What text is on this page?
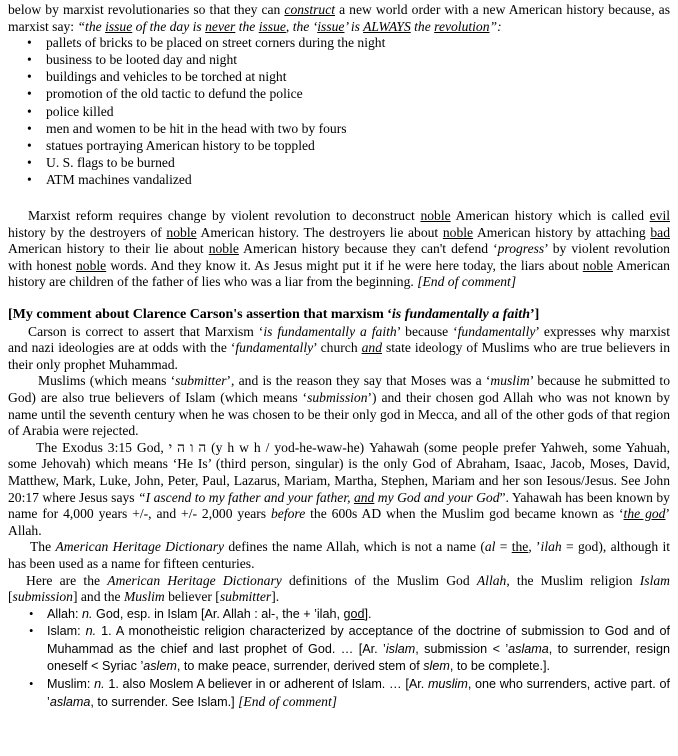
below by marxist revolutionaries so that they can construct a new world order with a new American history because, as marxist say: “the issue of the day is never the issue, the ‘issue’ is ALWAYS the revolution”:

• pallets of bricks to be placed on street corners during the night
• business to be looted day and night
• buildings and vehicles to be torched at night
• promotion of the old tactic to defund the police
• police killed
• men and women to be hit in the head with two by fours
• statues portraying American history to be toppled
• U. S. flags to be burned
• ATM machines vandalized

Marxist reform requires change by violent revolution to deconstruct noble American history which is called evil history by the destroyers of noble American history. The destroyers lie about noble American history by attaching bad American history to their lie about noble American history because they can't defend ‘progress’ by violent revolution with honest noble words. And they know it. As Jesus might put it if he were here today, the liars about noble American history are children of the father of lies who was a liar from the beginning. [End of comment]

[My comment about Clarence Carson's assertion that marxism ‘is fundamentally a faith’]

Carson is correct to assert that Marxism ‘is fundamentally a faith’ because ‘fundamentally’ expresses why marxist and nazi ideologies are at odds with the ‘fundamentally’ church and state ideology of Muslims who are true believers in their only prophet Muhammad.

Muslims (which means ‘submitter’, and is the reason they say that Moses was a ‘muslim’ because he submitted to God) are also true believers of Islam (which means ‘submission’) and their chosen god Allah who was not known by name until the seventh century when he was chosen to be their only god in Mecca, and all of the other gods of that region of Arabia were rejected.

The Exodus 3:15 God, ה ו ה י (y h w h / yod-he-waw-he) Yahawah (some people prefer Yahweh, some Yahuah, some Jehovah) which means ‘He Is’ (third person, singular) is the only God of Abraham, Isaac, Jacob, Moses, David, Matthew, Mark, Luke, John, Peter, Paul, Lazarus, Mariam, Martha, Stephen, Mariam and her son Iesous/Jesus. See John 20:17 where Jesus says “I ascend to my father and your father, and my God and your God”. Yahawah has been known by name for 4,000 years +/-, and +/- 2,000 years before the 600s AD when the Muslim god became known as ‘the god’ Allah.

The American Heritage Dictionary defines the name Allah, which is not a name (al = the, ’ilah = god), although it has been used as a name for fifteen centuries.

Here are the American Heritage Dictionary definitions of the Muslim God Allah, the Muslim religion Islam [submission] and the Muslim believer [submitter].

• Allah: n. God, esp. in Islam [Ar. Allah : al-, the + ’ilah, god].
• Islam: n. 1. A monotheistic religion characterized by acceptance of the doctrine of submission to God and of Muhammad as the chief and last prophet of God. … [Ar. ’islam, submission < ’aslama, to surrender, resign oneself < Syriac ’aslem, to make peace, surrender, derived stem of slem, to be complete.].
• Muslim: n. 1. also Moslem A believer in or adherent of Islam. … [Ar. muslim, one who surrenders, active part. of ’aslama, to surrender. See Islam.] [End of comment]
